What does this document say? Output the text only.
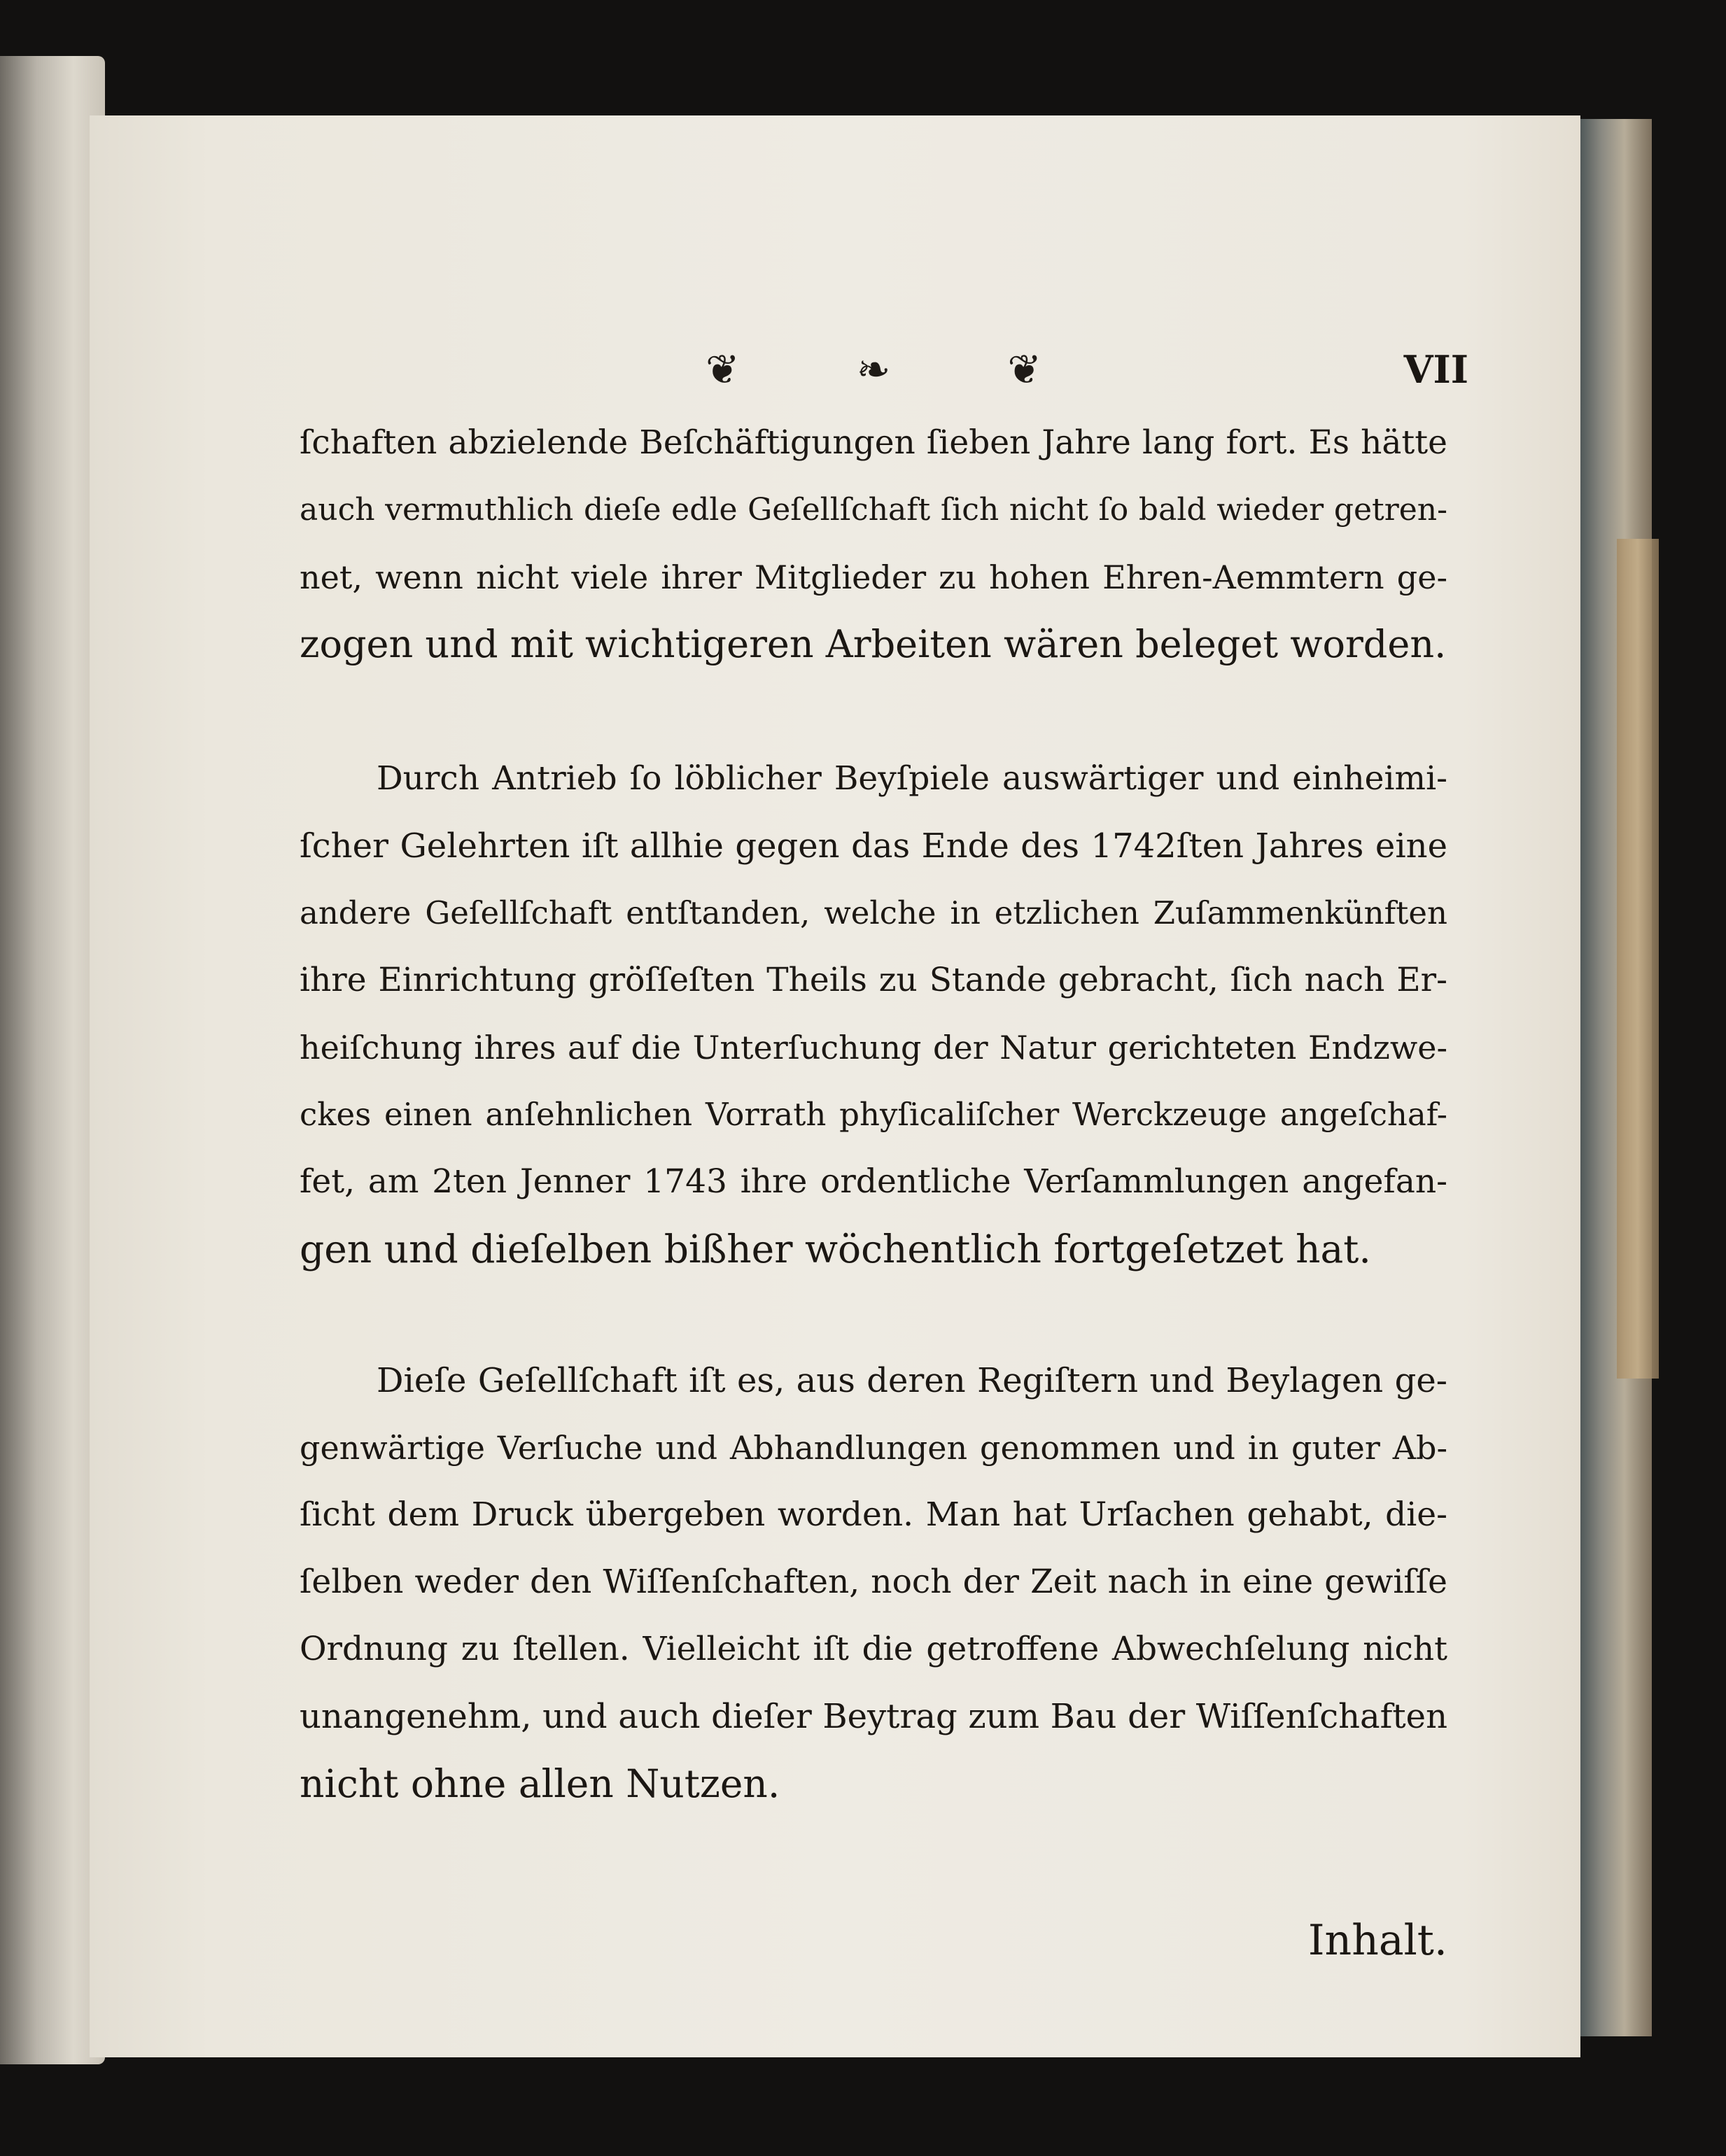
❦	❧	❦	VII

ſchaften abzielende Beſchäftigungen ſieben Jahre lang fort. Es hätte
auch vermuthlich dieſe edle Geſellſchaft ſich nicht ſo bald wieder getren-
net, wenn nicht viele ihrer Mitglieder zu hohen Ehren-Aemmtern ge-
zogen und mit wichtigeren Arbeiten wären beleget worden.

Durch Antrieb ſo löblicher Beyſpiele auswärtiger und einheimi-
ſcher Gelehrten iſt allhie gegen das Ende des 1742ſten Jahres eine
andere Geſellſchaft entſtanden, welche in etzlichen Zuſammenkünften
ihre Einrichtung gröſſeſten Theils zu Stande gebracht, ſich nach Er-
heiſchung ihres auf die Unterſuchung der Natur gerichteten Endzwe-
ckes einen anſehnlichen Vorrath phyſicaliſcher Werckzeuge angeſchaf-
fet, am 2ten Jenner 1743 ihre ordentliche Verſammlungen angefan-
gen und dieſelben bißher wöchentlich fortgeſetzet hat.

Dieſe Geſellſchaft iſt es, aus deren Regiſtern und Beylagen ge-
genwärtige Verſuche und Abhandlungen genommen und in guter Ab-
ſicht dem Druck übergeben worden. Man hat Urſachen gehabt, die-
ſelben weder den Wiſſenſchaften, noch der Zeit nach in eine gewiſſe
Ordnung zu ſtellen. Vielleicht iſt die getroffene Abwechſelung nicht
unangenehm, und auch dieſer Beytrag zum Bau der Wiſſenſchaften
nicht ohne allen Nutzen.

Inhalt.
